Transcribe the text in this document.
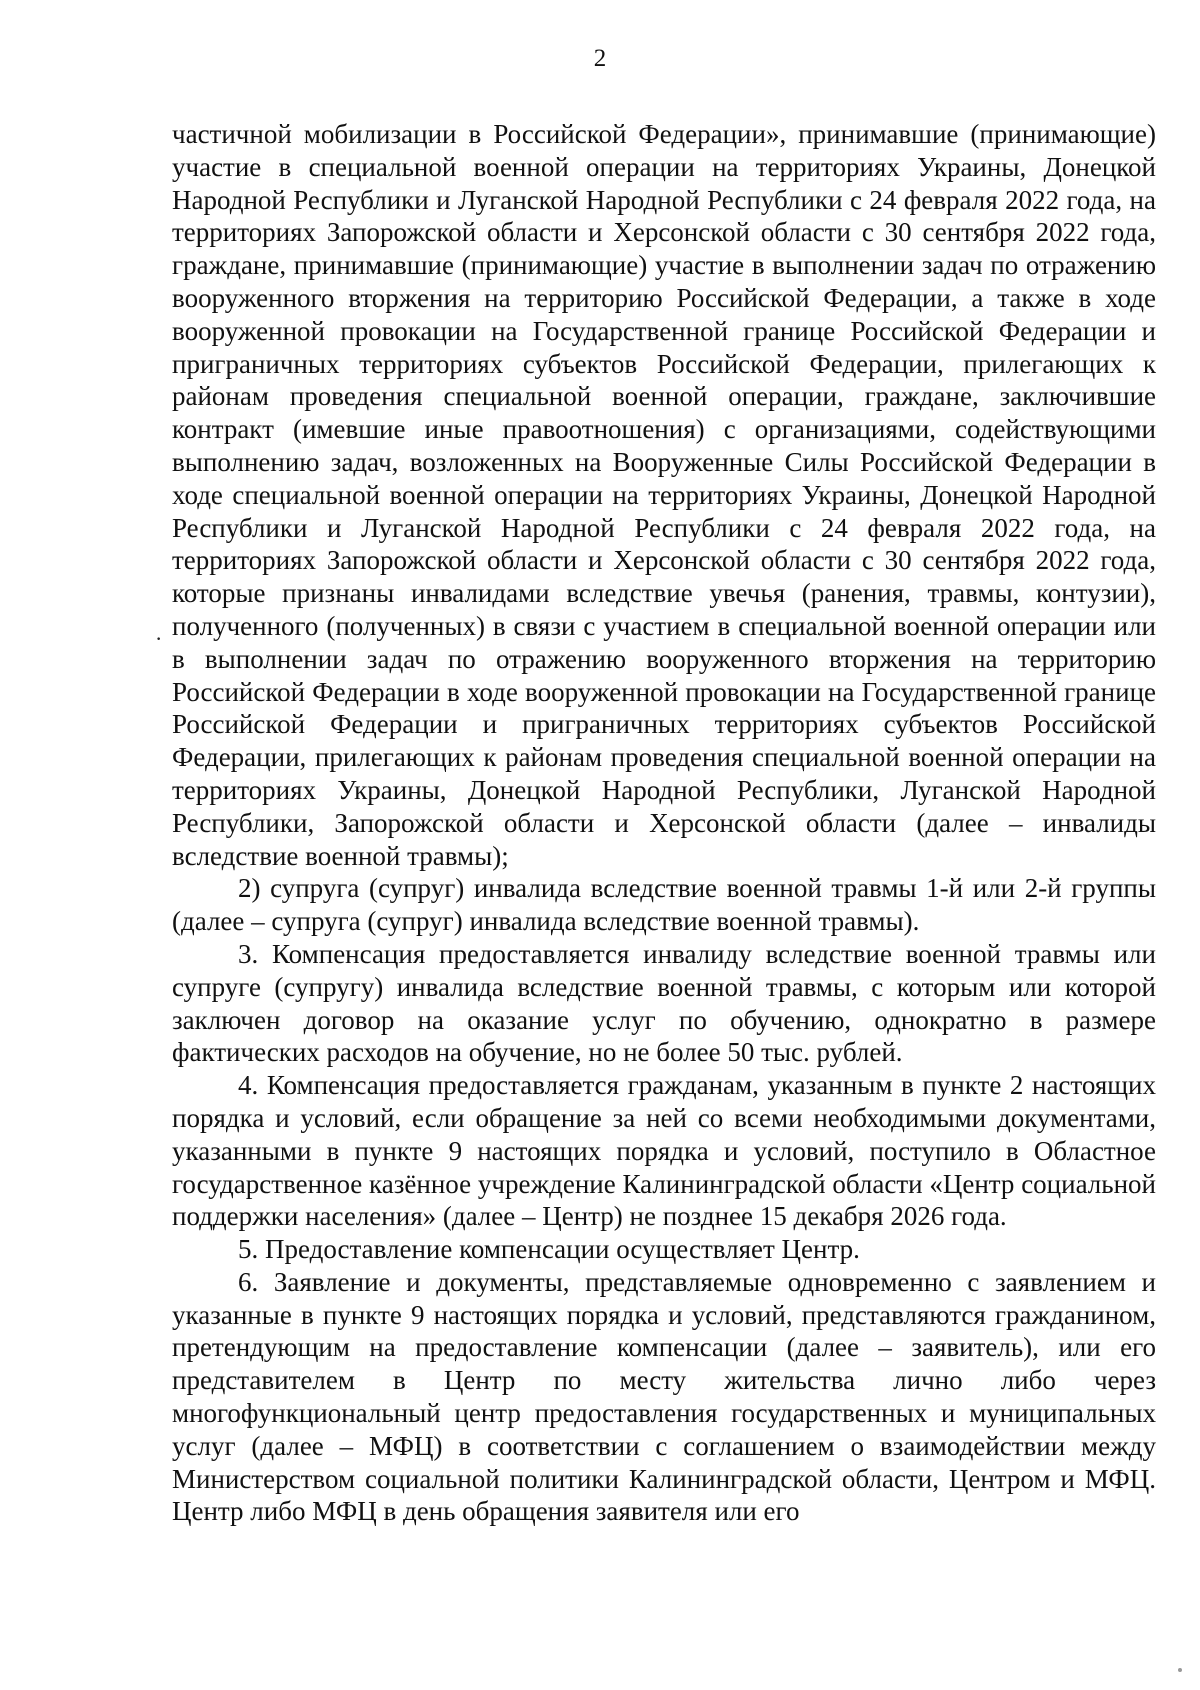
2
·

частичной мобилизации в Российской Федерации», принимавшие (принимающие) участие в специальной военной операции на территориях Украины, Донецкой Народной Республики и Луганской Народной Республики с 24 февраля 2022 года, на территориях Запорожской области и Херсонской области с 30 сентября 2022 года, граждане, принимавшие (принимающие) участие в выполнении задач по отражению вооруженного вторжения на территорию Российской Федерации, а также в ходе вооруженной провокации на Государственной границе Российской Федерации и приграничных территориях субъектов Российской Федерации, прилегающих к районам проведения специальной военной операции, граждане, заключившие контракт (имевшие иные правоотношения) с организациями, содействующими выполнению задач, возложенных на Вооруженные Силы Российской Федерации в ходе специальной военной операции на территориях Украины, Донецкой Народной Республики и Луганской Народной Республики с 24 февраля 2022 года, на территориях Запорожской области и Херсонской области с 30 сентября 2022 года, которые признаны инвалидами вследствие увечья (ранения, травмы, контузии), полученного (полученных) в связи с участием в специальной военной операции или в выполнении задач по отражению вооруженного вторжения на территорию Российской Федерации в ходе вооруженной провокации на Государственной границе Российской Федерации и приграничных территориях субъектов Российской Федерации, прилегающих к районам проведения специальной военной операции на территориях Украины, Донецкой Народной Республики, Луганской Народной Республики, Запорожской области и Херсонской области (далее – инвалиды вследствие военной травмы);

2) супруга (супруг) инвалида вследствие военной травмы 1-й или 2-й группы (далее – супруга (супруг) инвалида вследствие военной травмы).

3. Компенсация предоставляется инвалиду вследствие военной травмы или супруге (супругу) инвалида вследствие военной травмы, с которым или которой заключен договор на оказание услуг по обучению, однократно в размере фактических расходов на обучение, но не более 50 тыс. рублей.

4. Компенсация предоставляется гражданам, указанным в пункте 2 настоящих порядка и условий, если обращение за ней со всеми необходимыми документами, указанными в пункте 9 настоящих порядка и условий, поступило в Областное государственное казённое учреждение Калининградской области «Центр социальной поддержки населения» (далее – Центр) не позднее 15 декабря 2026 года.

5. Предоставление компенсации осуществляет Центр.

6. Заявление и документы, представляемые одновременно с заявлением и указанные в пункте 9 настоящих порядка и условий, представляются гражданином, претендующим на предоставление компенсации (далее – заявитель), или его представителем в Центр по месту жительства лично либо через многофункциональный центр предоставления государственных и муниципальных услуг (далее – МФЦ) в соответствии с соглашением о взаимодействии между Министерством социальной политики Калининградской области, Центром и МФЦ. Центр либо МФЦ в день обращения заявителя или его
